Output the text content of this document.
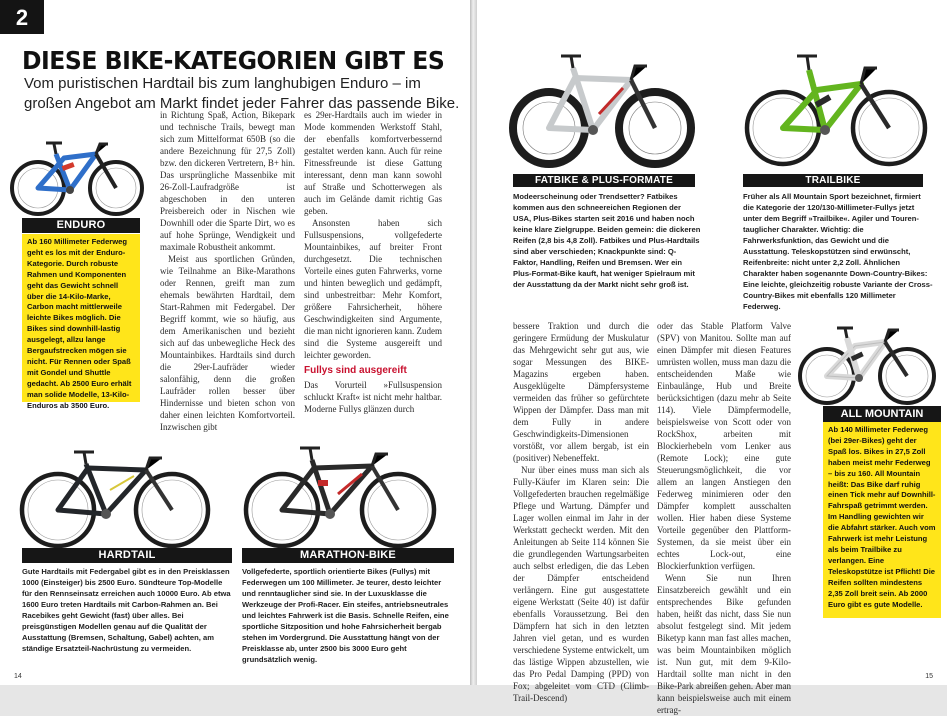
2
DIESE BIKE-KATEGORIEN GIBT ES
Vom puristischen Hardtail bis zum langhubigen Enduro – im großen Angebot am Markt findet jeder Fahrer das passende Bike.
ENDURO
Ab 160 Millimeter Federweg geht es los mit der Enduro-Kategorie. Durch robuste Rahmen und Komponenten geht das Gewicht schnell über die 14-Kilo-Marke, Carbon macht mittlerweile leichte Bikes möglich. Die Bikes sind downhill-lastig ausgelegt, allzu lange Bergaufstrecken mögen sie nicht. Für Rennen oder Spaß mit Gondel und Shuttle gedacht. Ab 2500 Euro erhält man solide Modelle, 13-Kilo-Enduros ab 3500 Euro.

in Richtung Spaß, Action, Bikepark und technische Trails, bewegt man sich zum Mittelformat 650B (so die andere Bezeichnung für 27,5 Zoll) bzw. den dickeren Vertretern, B+ hin. Das ursprüngliche Massenbike mit 26-Zoll-Laufradgröße ist abgeschoben in den unteren Preisbereich oder in Nischen wie Downhill oder die Sparte Dirt, wo es auf hohe Sprünge, Wendigkeit und maximale Robustheit ankommt.

Meist aus sportlichen Gründen, wie Teilnahme an Bike-Marathons oder Rennen, greift man zum ehemals bewährten Hardtail, dem Start-Rahmen mit Federgabel. Der Begriff kommt, wie so häufig, aus dem Amerikanischen und bezieht sich auf das unbewegliche Heck des Mountainbikes. Hardtails sind durch die 29er-Laufräder wieder salonfähig, denn die großen Laufräder rollen besser über Hindernisse und bieten schon von daher einen leichten Komfortvorteil. Inzwischen gibt

es 29er-Hardtails auch im wieder in Mode kommenden Werkstoff Stahl, der ebenfalls komfortverbessernd gestaltet werden kann. Auch für reine Fitnessfreunde ist diese Gattung interessant, denn man kann sowohl auf Straße und Schotterwegen als auch im Gelände damit richtig Gas geben.

Ansonsten haben sich Fullsuspensions, vollgefederte Mountainbikes, auf breiter Front durchgesetzt. Die technischen Vorteile eines guten Fahrwerks, vorne und hinten beweglich und gedämpft, sind unbestreitbar: Mehr Komfort, größere Fahrsicherheit, höhere Geschwindigkeiten sind Argumente, die man nicht ignorieren kann. Zudem sind die Systeme ausgereift und leichter geworden.

Fullys sind ausgereift

Das Vorurteil »Fullsuspension schluckt Kraft« ist nicht mehr haltbar. Moderne Fullys glänzen durch

HARDTAIL
Gute Hardtails mit Federgabel gibt es in den Preisklassen 1000 (Einsteiger) bis 2500 Euro. Sündteure Top-Modelle für den Rennseinsatz erreichen auch 10000 Euro. Ab etwa 1600 Euro treten Hardtails mit Carbon-Rahmen an. Bei Racebikes geht Gewicht (fast) über alles. Bei preisgünstigen Modellen genau auf die Qualität der Ausstattung (Bremsen, Schaltung, Gabel) achten, am ständige Ersatzteil-Nachrüstung zu vermeiden.
MARATHON-BIKE
Vollgefederte, sportlich orientierte Bikes (Fullys) mit Federwegen um 100 Millimeter. Je teurer, desto leichter und renntauglicher sind sie. In der Luxusklasse die Werkzeuge der Profi-Racer. Ein steifes, antriebsneutrales und leichtes Fahrwerk ist die Basis. Schnelle Reifen, eine sportliche Sitzposition und hohe Fahrsicherheit bergab stehen im Vordergrund. Die Ausstattung hängt von der Preisklasse ab, unter 2500 bis 3000 Euro geht grundsätzlich wenig.
14
FATBIKE & PLUS-FORMATE
Modeerscheinung oder Trendsetter? Fatbikes kommen aus den schneereichen Regionen der USA, Plus-Bikes starten seit 2016 und haben noch keine klare Zielgruppe. Beiden gemein: die dickeren Reifen (2,8 bis 4,8 Zoll). Fatbikes und Plus-Hardtails sind aber verschieden; Knackpunkte sind: Q-Faktor, Handling, Reifen und Bremsen. Wer ein Plus-Format-Bike kauft, hat weniger Spielraum mit der Ausstattung da der Markt nicht sehr groß ist.
TRAILBIKE
Früher als All Mountain Sport bezeichnet, firmiert die Kategorie der 120/130-Millimeter-Fullys jetzt unter dem Begriff »Trailbike«. Agiler und Touren-tauglicher Charakter. Wichtig: die Fahrwerksfunktion, das Gewicht und die Ausstattung. Teleskopstützen sind erwünscht, Reifenbreite: nicht unter 2,2 Zoll. Ähnlichen Charakter haben sogenannte Down-Country-Bikes: Eine leichte, gleichzeitig robuste Variante der Cross-Country-Bikes mit ebenfalls 120 Millimeter Federweg.

bessere Traktion und durch die geringere Ermüdung der Muskulatur das Mehrgewicht sehr gut aus, wie sogar Messungen des BIKE-Magazins ergeben haben. Ausgeklügelte Dämpfersysteme vermeiden das früher so gefürchtete Wippen der Dämpfer. Dass man mit dem Fully in andere Geschwindigkeits-Dimensionen vorstößt, vor allem bergab, ist ein (positiver) Nebeneffekt.

Nur über eines muss man sich als Fully-Käufer im Klaren sein: Die Vollgefederten brauchen regelmäßige Pflege und Wartung. Dämpfer und Lager wollen einmal im Jahr in der Werkstatt gecheckt werden. Mit den Anleitungen ab Seite 114 können Sie die grundlegenden Wartungsarbeiten auch selbst erledigen, die das Leben der Dämpfer entscheidend verlängern. Eine gut ausgestattete eigene Werkstatt (Seite 40) ist dafür ebenfalls Voraussetzung. Bei den Dämpfern hat sich in den letzten Jahren viel getan, und es wurden verschiedene Systeme entwickelt, um das lästige Wippen abzustellen, wie das Pro Pedal Damping (PPD) von Fox; abgeleitet vom CTD (Climb-Trail-Descend)

oder das Stable Platform Valve (SPV) von Manitou. Sollte man auf einen Dämpfer mit diesen Features umrüsten wollen, muss man dazu die entscheidenden Maße wie Einbaulänge, Hub und Breite berücksichtigen (dazu mehr ab Seite 114). Viele Dämpfermodelle, beispielsweise von Scott oder von RockShox, arbeiten mit Blockierhebeln vom Lenker aus (Remote Lock); eine gute Steuerungsmöglichkeit, die vor allem an langen Anstiegen den Federweg minimieren oder den Dämpfer komplett ausschalten wollen. Hier haben diese Systeme Vorteile gegenüber den Plattform-Systemen, da sie meist über ein echtes Lock-out, eine Blockierfunktion verfügen.

Wenn Sie nun Ihren Einsatzbereich gewählt und ein entsprechendes Bike gefunden haben, heißt das nicht, dass Sie nun absolut festgelegt sind. Mit jedem Biketyp kann man fast alles machen, was beim Mountainbiken möglich ist. Nun gut, mit dem 9-Kilo-Hardtail sollte man nicht in den Bike-Park abreißen gehen. Aber man kann beispielsweise auch mit einem ertrag-

ALL MOUNTAIN
Ab 140 Millimeter Federweg (bei 29er-Bikes) geht der Spaß los. Bikes in 27,5 Zoll haben meist mehr Federweg – bis zu 160. All Mountain heißt: Das Bike darf ruhig einen Tick mehr auf Downhill-Fahrspaß getrimmt werden. Im Handling gewichten wir die Abfahrt stärker. Auch vom Fahrwerk ist mehr Leistung als beim Trailbike zu verlangen. Eine Teleskopstütze ist Pflicht! Die Reifen sollten mindestens 2,35 Zoll breit sein. Ab 2000 Euro gibt es gute Modelle.
15
